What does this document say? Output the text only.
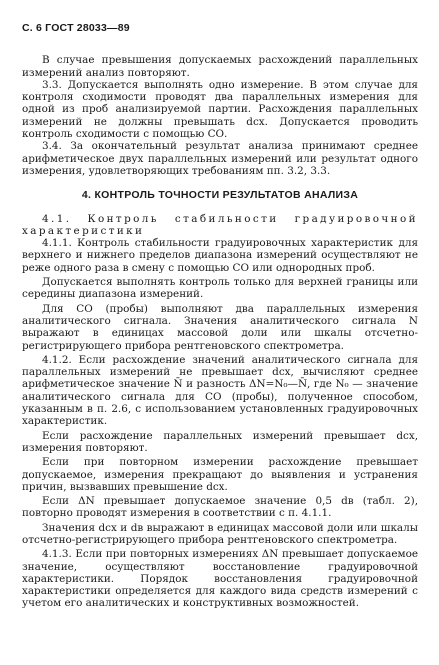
С. 6 ГОСТ 28033—89

В случае превышения допускаемых расхождений параллельных измерений анализ повторяют.

3.3. Допускается выполнять одно измерение. В этом случае для контроля сходимости проводят два параллельных измерения для одной из проб анализируемой партии. Расхождения параллельных измерений не должны превышать dсх. Допускается проводить контроль сходимости с помощью СО.

3.4. За окончательный результат анализа принимают среднее арифметическое двух параллельных измерений или результат одного измерения, удовлетворяющих требованиям пп. 3.2, 3.3.

4. КОНТРОЛЬ ТОЧНОСТИ РЕЗУЛЬТАТОВ АНАЛИЗА

4.1. Контроль стабильности градуировочной характеристики

4.1.1. Контроль стабильности градуировочных характеристик для верхнего и нижнего пределов диапазона измерений осуществляют не реже одного раза в смену с помощью СО или однородных проб.

Допускается выполнять контроль только для верхней границы или середины диапазона измерений.

Для СО (пробы) выполняют два параллельных измерения аналитического сигнала. Значения аналитического сигнала N выражают в единицах массовой доли или шкалы отсчетно-регистрирующего прибора рентгеновского спектрометра.

4.1.2. Если расхождение значений аналитического сигнала для параллельных измерений не превышает dсх, вычисляют среднее арифметическое значение N̄ и разность ΔN=N₀—N̄, где N₀ — значение аналитического сигнала для СО (пробы), полученное способом, указанным в п. 2.6, с использованием установленных градуировочных характеристик.

Если расхождение параллельных измерений превышает dсх, измерения повторяют.

Если при повторном измерении расхождение превышает допускаемое, измерения прекращают до выявления и устранения причин, вызвавших превышение dсх.

Если ΔN превышает допускаемое значение 0,5 dв (табл. 2), повторно проводят измерения в соответствии с п. 4.1.1.

Значения dсх и dв выражают в единицах массовой доли или шкалы отсчетно-регистрирующего прибора рентгеновского спектрометра.

4.1.3. Если при повторных измерениях ΔN превышает допускаемое значение, осуществляют восстановление градуировочной характеристики. Порядок восстановления градуировочной характеристики определяется для каждого вида средств измерений с учетом его аналитических и конструктивных возможностей.
